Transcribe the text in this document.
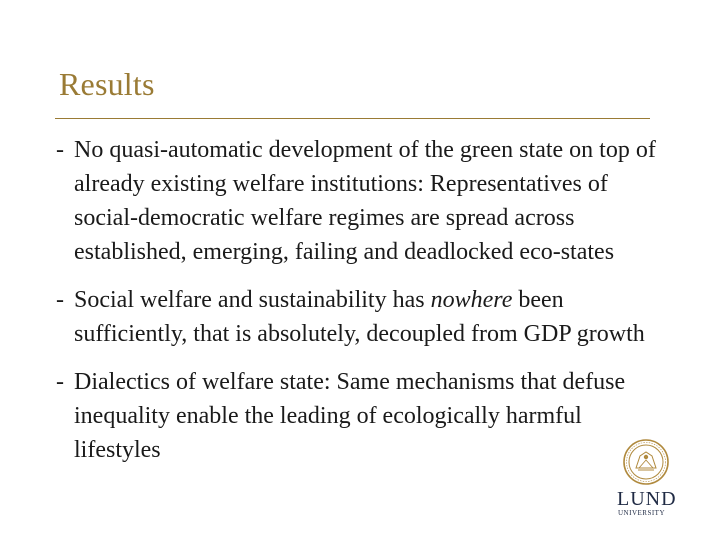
Results
- No quasi-automatic development of the green state on top of already existing welfare institutions: Representatives of social-democratic welfare regimes are spread across established, emerging, failing and deadlocked eco-states
- Social welfare and sustainability has nowhere been sufficiently, that is absolutely, decoupled from GDP growth
- Dialectics of welfare state: Same mechanisms that defuse inequality enable the leading of ecologically harmful lifestyles
LUND
UNIVERSITY
